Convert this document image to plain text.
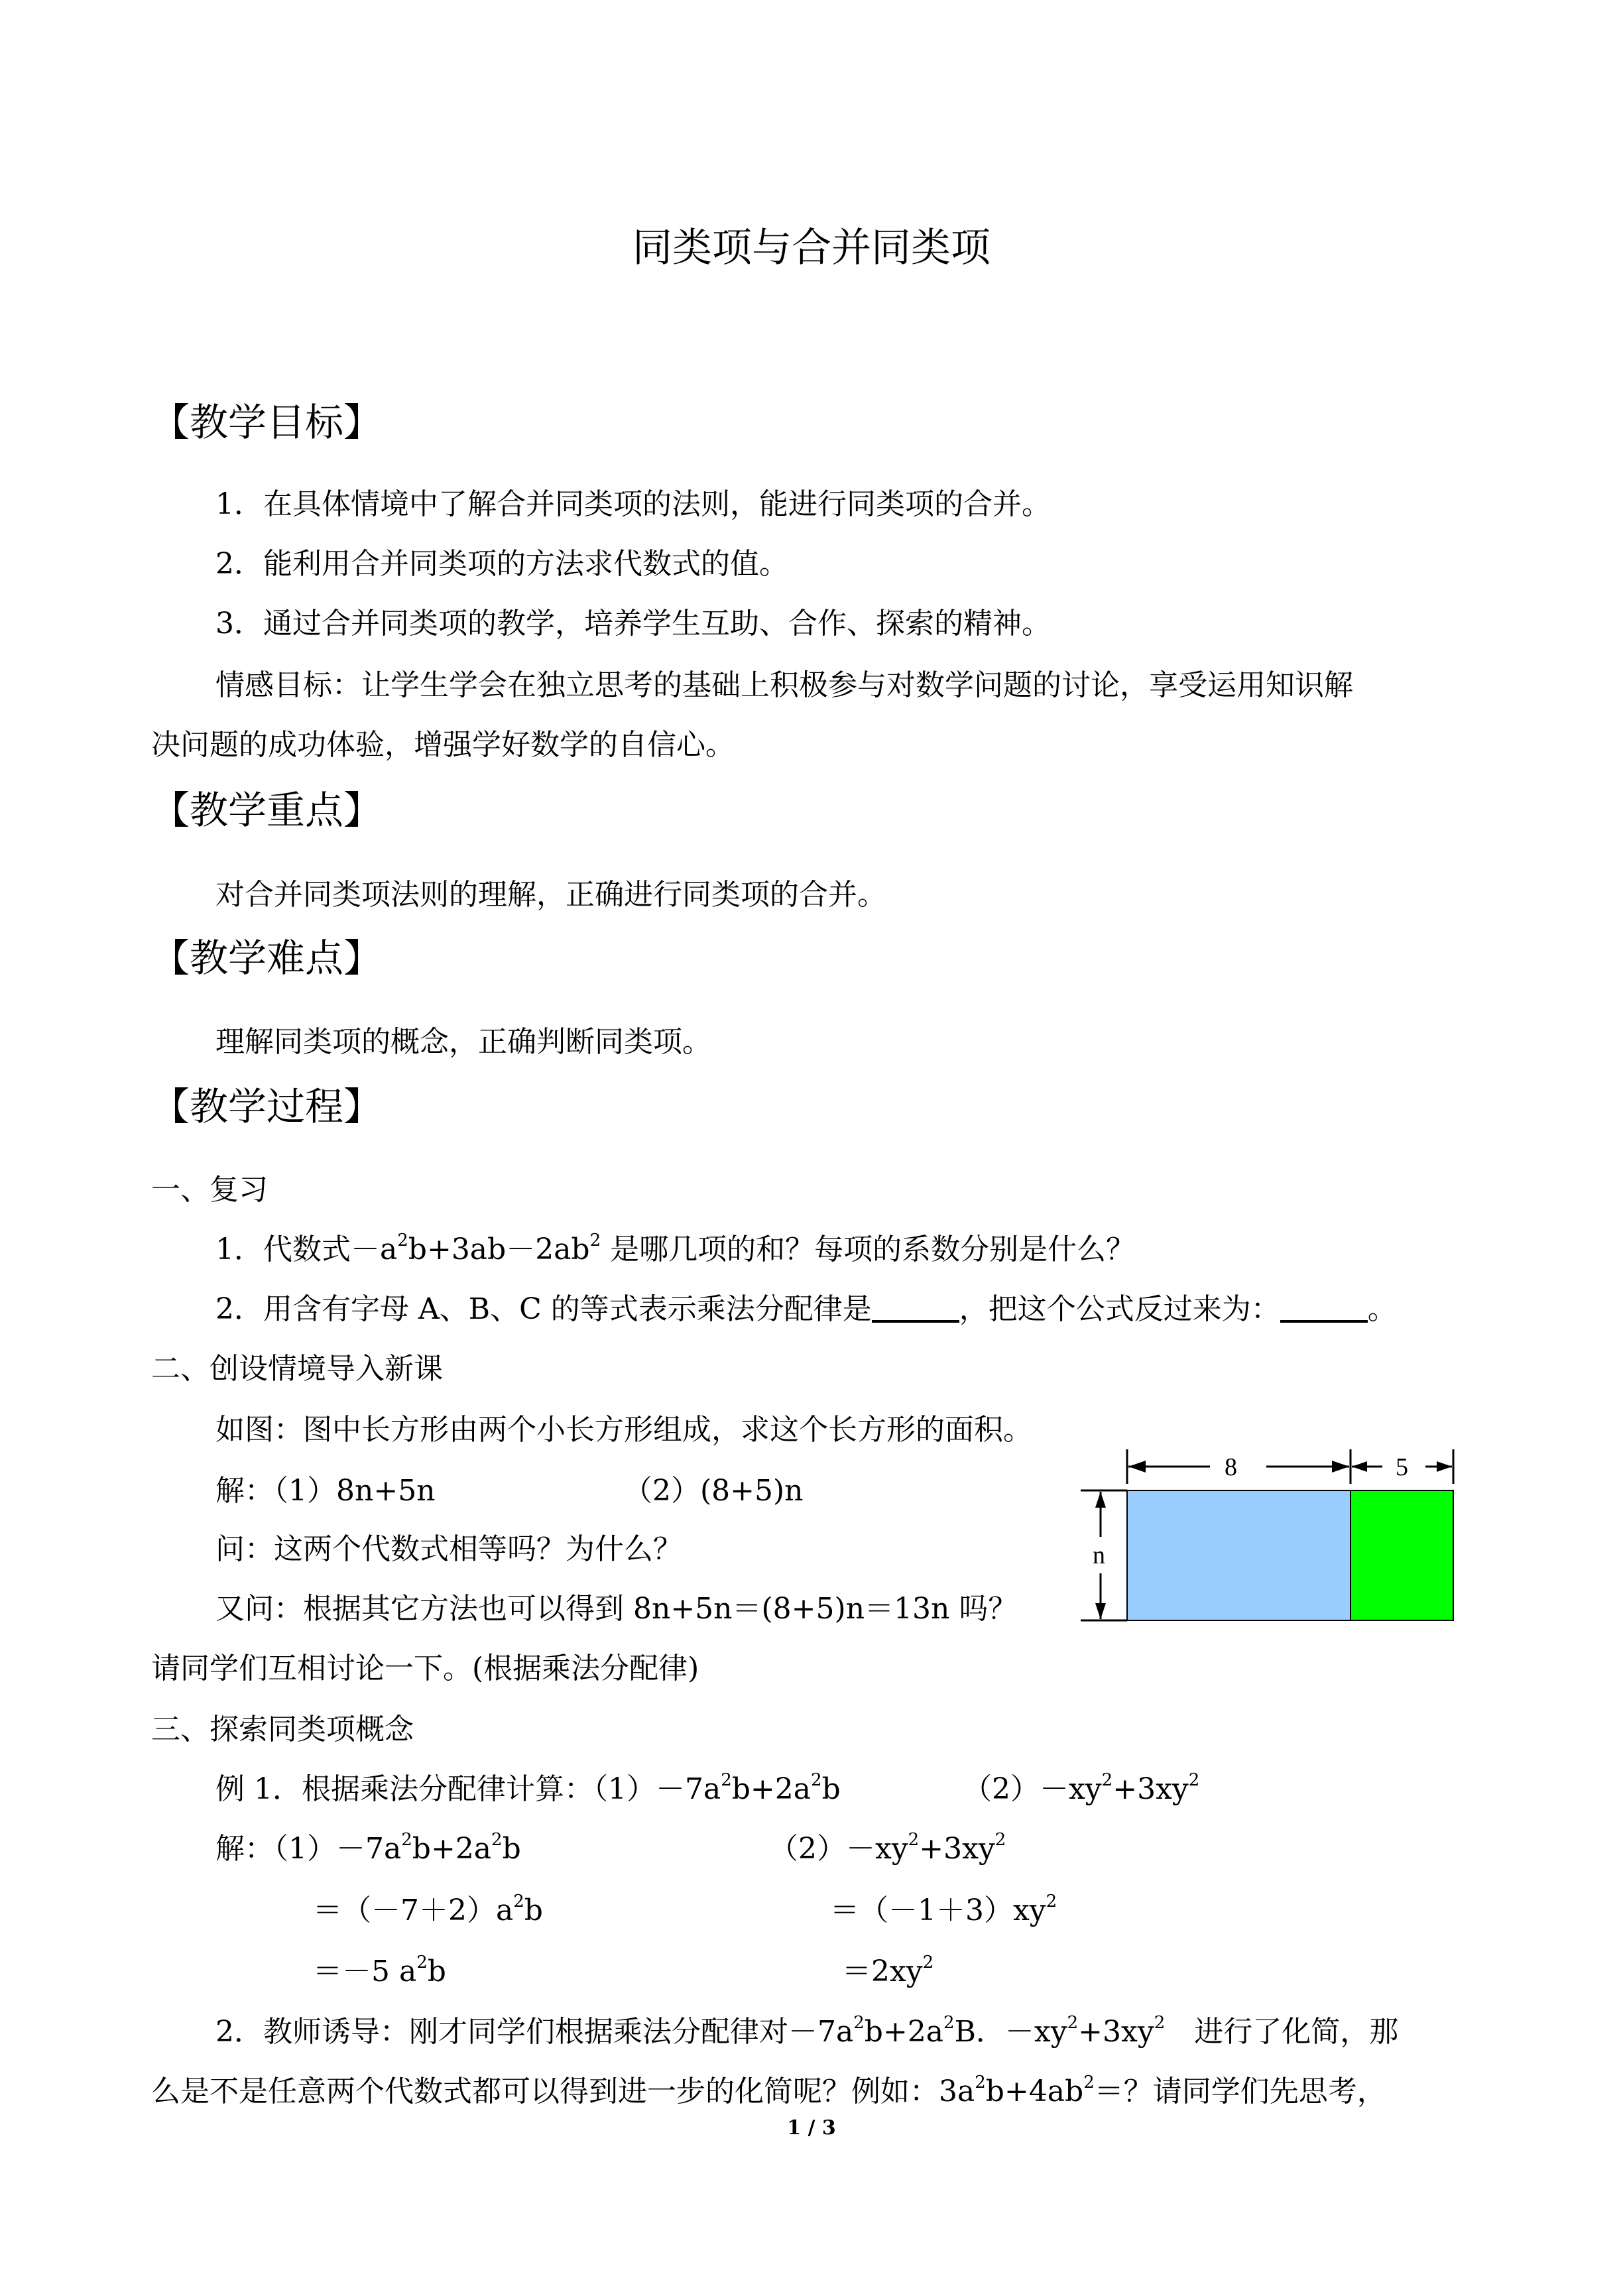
同类项与合并同类项
【教学目标】
1．在具体情境中了解合并同类项的法则，能进行同类项的合并。
2．能利用合并同类项的方法求代数式的值。
3．通过合并同类项的教学，培养学生互助、合作、探索的精神。
情感目标：让学生学会在独立思考的基础上积极参与对数学问题的讨论，享受运用知识解
决问题的成功体验，增强学好数学的自信心。
【教学重点】
对合并同类项法则的理解，正确进行同类项的合并。
【教学难点】
理解同类项的概念，正确判断同类项。
【教学过程】
一、复习
1．代数式$-a^2b+3ab-2ab^2$ 是哪几项的和？每项的系数分别是什么？
2．用含有字母 A、B、C 的等式表示乘法分配律是	，把这个公式反过来为：	。
二、创设情境导入新课
如图：图中长方形由两个小长方形组成，求这个长方形的面积。
解：（1）8n+5n	（2）(8+5)n
问：这两个代数式相等吗？为什么？
又问：根据其它方法也可以得到 8n+5n＝(8+5)n＝13n 吗？
请同学们互相讨论一下。(根据乘法分配律)
8	5
n
三、探索同类项概念
例 1．根据乘法分配律计算：$(1)-7a^2b+2a^2b$	$(2)-xy^2+3xy^2$
解：$(1)-7a^2b+2a^2b$	$(2)-xy^2+3xy^2$
$=(-7+2)a^2b$	$=(-1+3)xy^2$
＝－5 $a^2b$	$=2xy^2$
2．教师诱导：刚才同学们根据乘法分配律对$-7a^2b+2a^2B$．$-xy^2+3xy^2$　进行了化简，那
么是不是任意两个代数式都可以得到进一步的化简呢？例如：$3a^2b+4ab^2=$？请同学们先思考，
1 / 3
